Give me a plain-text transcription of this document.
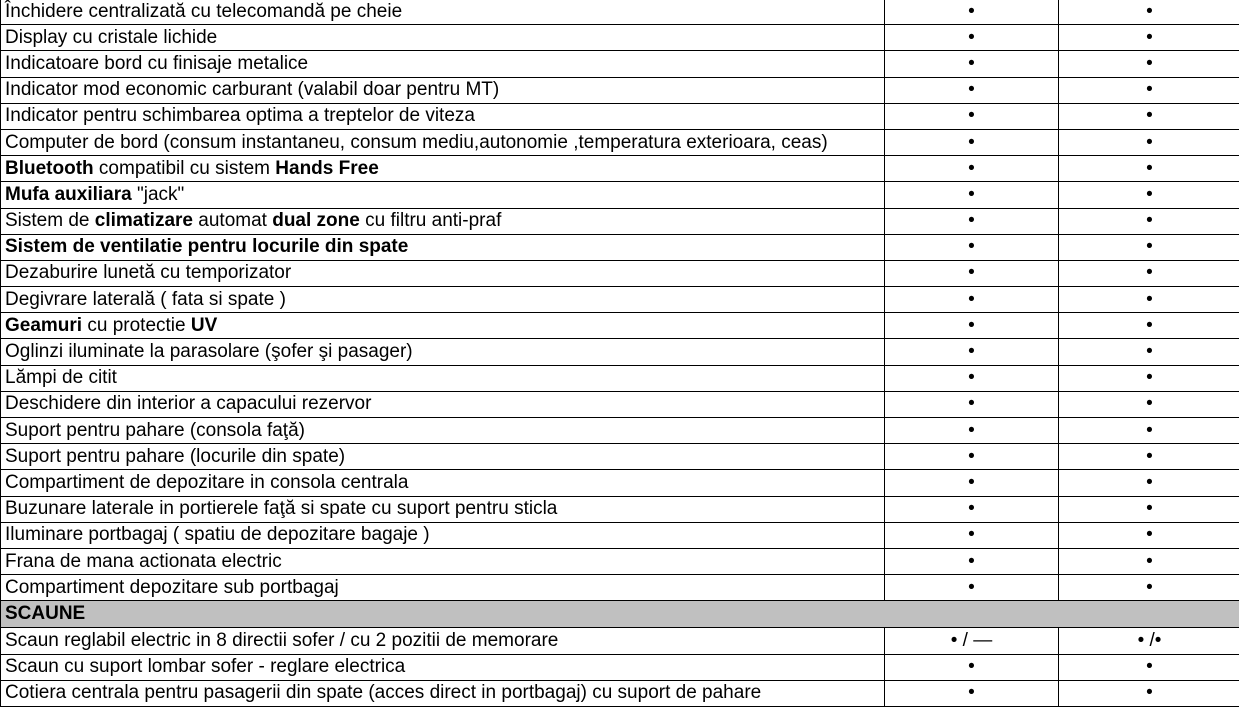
Închidere centralizată cu telecomandă pe cheie	•	•
Display cu cristale lichide	•	•
Indicatoare bord cu finisaje metalice	•	•
Indicator mod economic carburant (valabil doar pentru MT)	•	•
Indicator pentru schimbarea optima a treptelor de viteza	•	•
Computer de bord (consum instantaneu, consum mediu,autonomie ,temperatura exterioara, ceas)	•	•
Bluetooth compatibil cu sistem Hands Free	•	•
Mufa auxiliara "jack"	•	•
Sistem de climatizare automat dual zone cu filtru anti-praf	•	•
Sistem de ventilatie pentru locurile din spate	•	•
Dezaburire lunetă cu temporizator	•	•
Degivrare laterală ( fata si spate )	•	•
Geamuri cu protectie UV	•	•
Oglinzi iluminate la parasolare (şofer şi pasager)	•	•
Lămpi de citit	•	•
Deschidere din interior a capacului rezervor	•	•
Suport pentru pahare (consola faţă)	•	•
Suport pentru pahare (locurile din spate)	•	•
Compartiment de depozitare in consola centrala	•	•
Buzunare laterale in portierele faţă si spate cu suport pentru sticla	•	•
Iluminare portbagaj ( spatiu de depozitare bagaje )	•	•
Frana de mana actionata electric	•	•
Compartiment depozitare sub portbagaj	•	•
SCAUNE		
Scaun reglabil electric in 8 directii sofer / cu 2 pozitii de memorare	• / —	• /•
Scaun cu suport lombar sofer - reglare electrica	•	•
Cotiera centrala pentru pasagerii din spate (acces direct in portbagaj) cu suport de pahare	•	•
